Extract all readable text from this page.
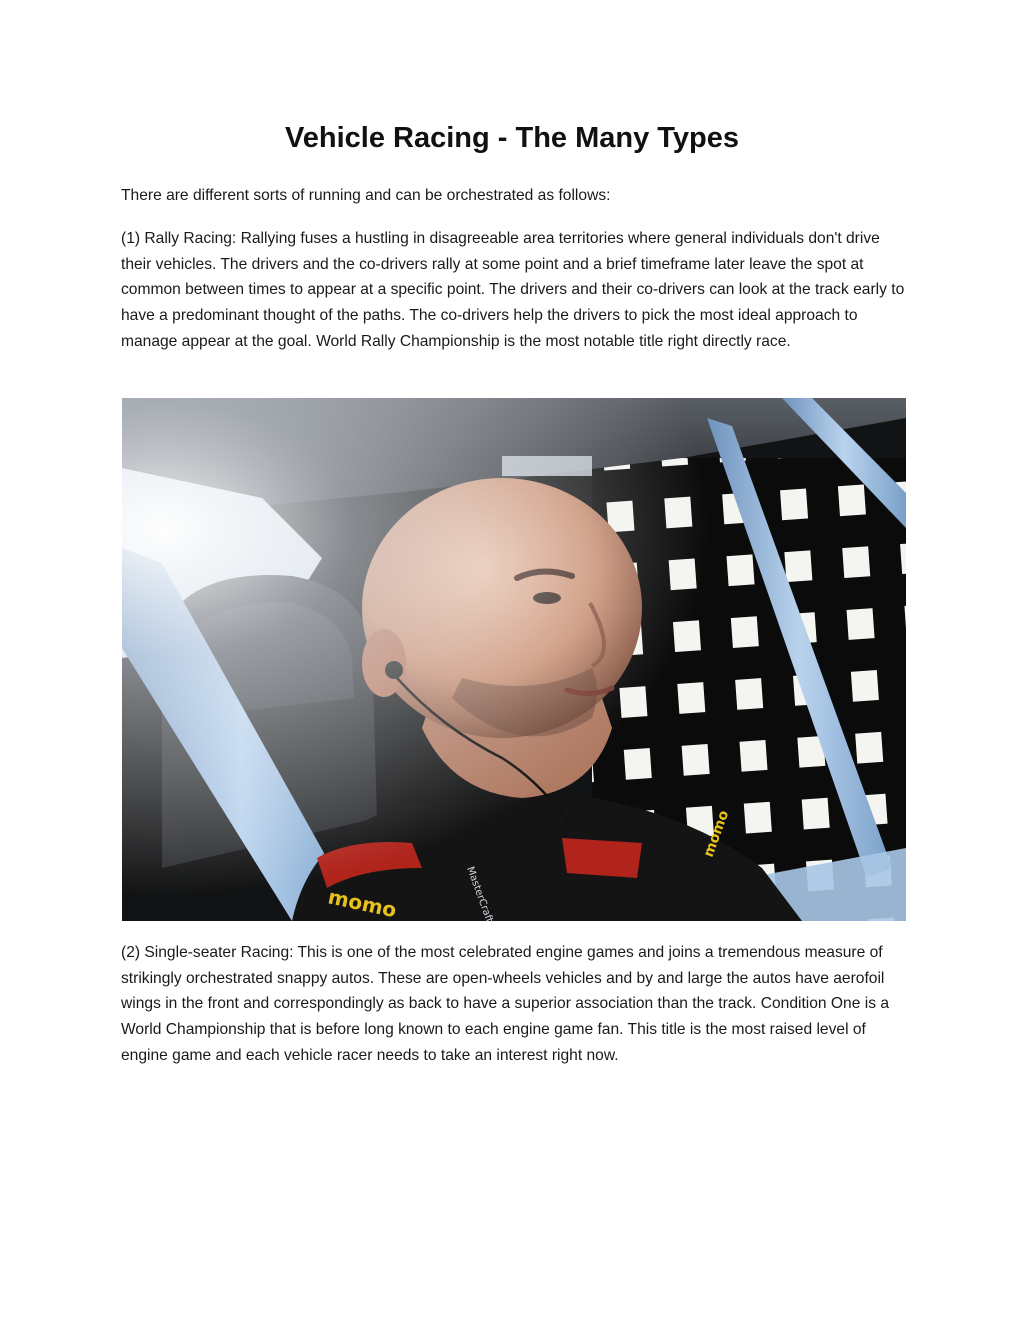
Vehicle Racing - The Many Types

There are different sorts of running and can be orchestrated as follows:

(1) Rally Racing: Rallying fuses a hustling in disagreeable area territories where general individuals don't drive their vehicles. The drivers and the co-drivers rally at some point and a brief timeframe later leave the spot at common between times to appear at a specific point. The drivers and their co-drivers can look at the track early to have a predominant thought of the paths. The co-drivers help the drivers to pick the most ideal approach to manage appear at the goal. World Rally Championship is the most notable title right directly race.

(2) Single-seater Racing: This is one of the most celebrated engine games and joins a tremendous measure of strikingly orchestrated snappy autos. These are open-wheels vehicles and by and large the autos have aerofoil wings in the front and correspondingly as back to have a superior association than the track. Condition One is a World Championship that is before long known to each engine game fan. This title is the most raised level of engine game and each vehicle racer needs to take an interest right now.
